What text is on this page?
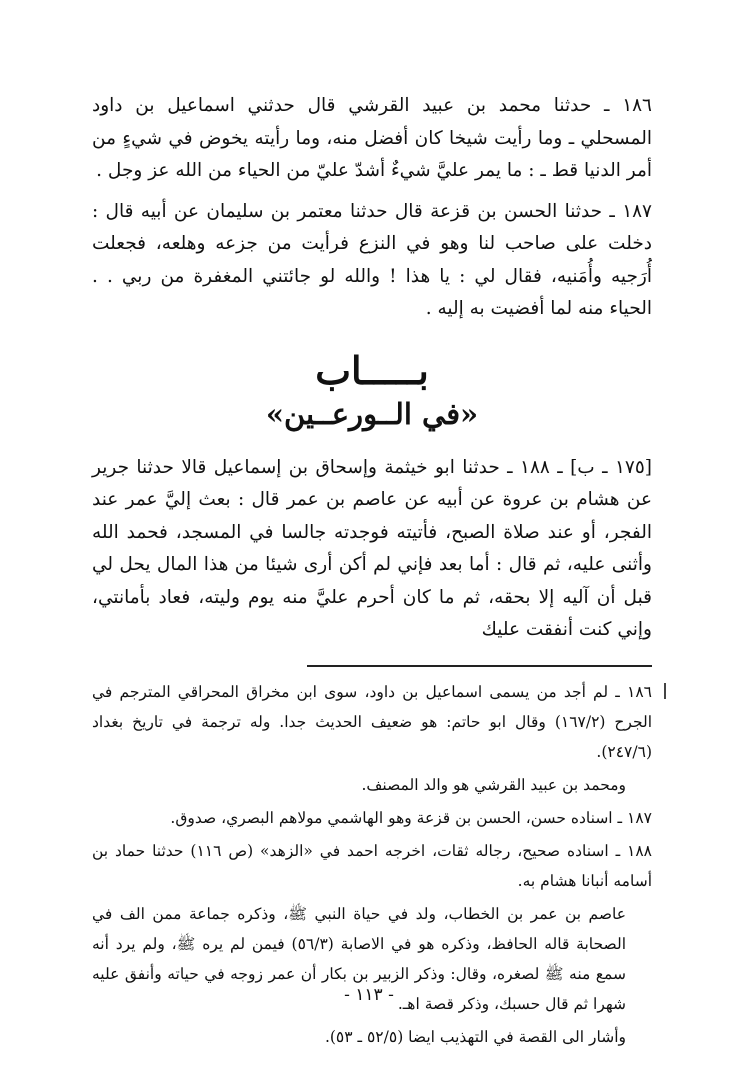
١٨٦ ـ حدثنا محمد بن عبيد القرشي قال حدثني اسماعيل بن داود المسحلي ـ وما رأيت شيخا كان أفضل منه، وما رأيته يخوض في شيءٍ من أمر الدنيا قط ـ : ما يمر عليَّ شيءٌ أشدّ عليّ من الحياء من الله عز وجل .

١٨٧ ـ حدثنا الحسن بن قزعة قال حدثنا معتمر بن سليمان عن أبيه قال : دخلت على صاحب لنا وهو في النزع فرأيت من جزعه وهلعه، فجعلت أُرَجيه وأُمَنيه، فقال لي : يا هذا ! والله لو جائتني المغفرة من ربي . . الحياء منه لما أفضيت به إليه .

بـــــاب
«في الــورعــين»

[١٧٥ ـ ب] ـ ١٨٨ ـ حدثنا ابو خيثمة وإسحاق بن إسماعيل قالا حدثنا جرير عن هشام بن عروة عن أبيه عن عاصم بن عمر قال : بعث إليَّ عمر عند الفجر، أو عند صلاة الصبح، فأتيته فوجدته جالسا في المسجد، فحمد الله وأثنى عليه، ثم قال : أما بعد فإني لم أكن أرى شيئا من هذا المال يحل لي قبل أن آليه إلا بحقه، ثم ما كان أحرم عليَّ منه يوم وليته، فعاد بأمانتي، وإني كنت أنفقت عليك

١٨٦ ـ لم أجد من يسمى اسماعيل بن داود، سوى ابن مخراق المحراقي المترجم في الجرح (١٦٧/٢) وقال ابو حاتم: هو ضعيف الحديث جدا. وله ترجمة في تاريخ بغداد (٢٤٧/٦).

ومحمد بن عبيد القرشي هو والد المصنف.

١٨٧ ـ اسناده حسن، الحسن بن قزعة وهو الهاشمي مولاهم البصري، صدوق.

١٨٨ ـ اسناده صحيح، رجاله ثقات، اخرجه احمد في «الزهد» (ص ١١٦) حدثنا حماد بن أسامه أنبانا هشام به.

عاصم بن عمر بن الخطاب، ولد في حياة النبي ﷺ، وذكره جماعة ممن الف في الصحابة قاله الحافظ، وذكره هو في الاصابة (٥٦/٣) فيمن لم يره ﷺ، ولم يرد أنه سمع منه ﷺ لصغره، وقال: وذكر الزبير بن بكار أن عمر زوجه في حياته وأنفق عليه شهرا ثم قال حسبك، وذكر قصة اهـ.

وأشار الى القصة في التهذيب ايضا (٥٢/٥ ـ ٥٣).

- ١١٣ -
